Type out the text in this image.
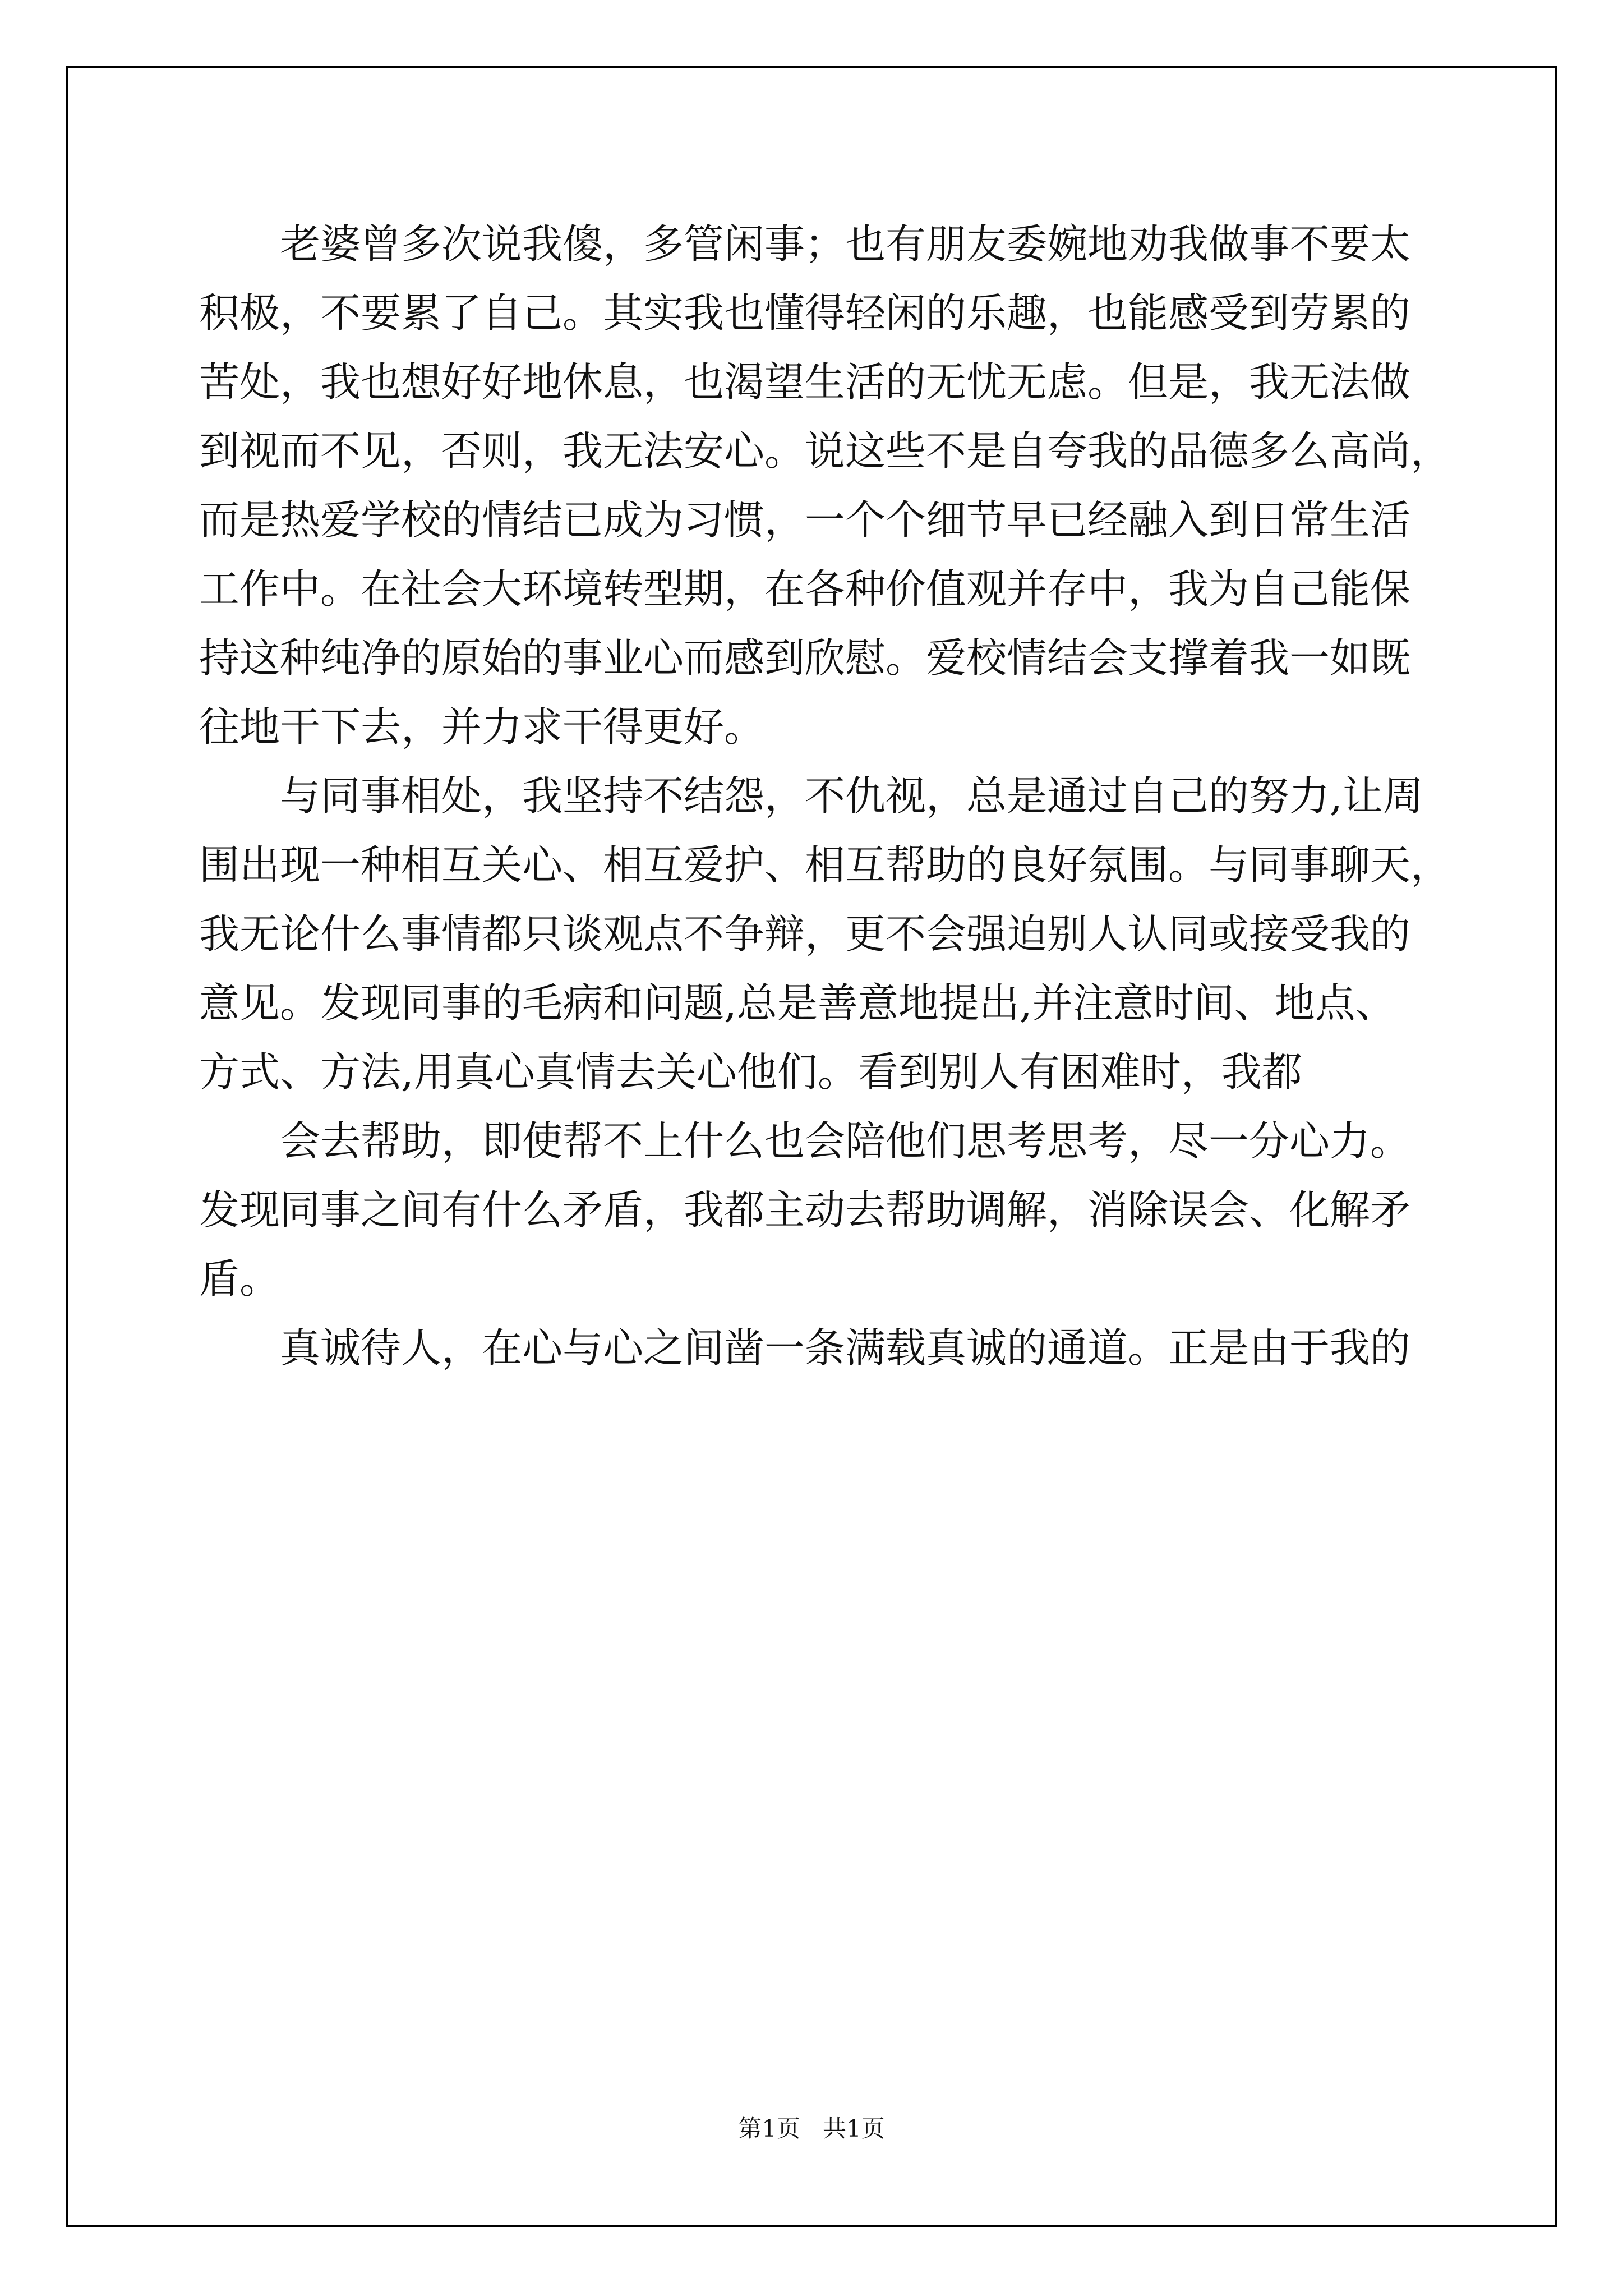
老婆曾多次说我傻，多管闲事；也有朋友委婉地劝我做事不要太
积极，不要累了自己。其实我也懂得轻闲的乐趣，也能感受到劳累的
苦处，我也想好好地休息，也渴望生活的无忧无虑。但是，我无法做
到视而不见，否则，我无法安心。说这些不是自夸我的品德多么高尚，
而是热爱学校的情结已成为习惯，一个个细节早已经融入到日常生活
工作中。在社会大环境转型期，在各种价值观并存中，我为自己能保
持这种纯净的原始的事业心而感到欣慰。爱校情结会支撑着我一如既
往地干下去，并力求干得更好。
与同事相处，我坚持不结怨，不仇视，总是通过自己的努力,让周
围出现一种相互关心、相互爱护、相互帮助的良好氛围。与同事聊天，
我无论什么事情都只谈观点不争辩，更不会强迫别人认同或接受我的
意见。发现同事的毛病和问题,总是善意地提出,并注意时间、地点、
方式、方法,用真心真情去关心他们。看到别人有困难时，我都
会去帮助，即使帮不上什么也会陪他们思考思考，尽一分心力。
发现同事之间有什么矛盾，我都主动去帮助调解，消除误会、化解矛
盾。
真诚待人，在心与心之间凿一条满载真诚的通道。正是由于我的
第1页 共1页
